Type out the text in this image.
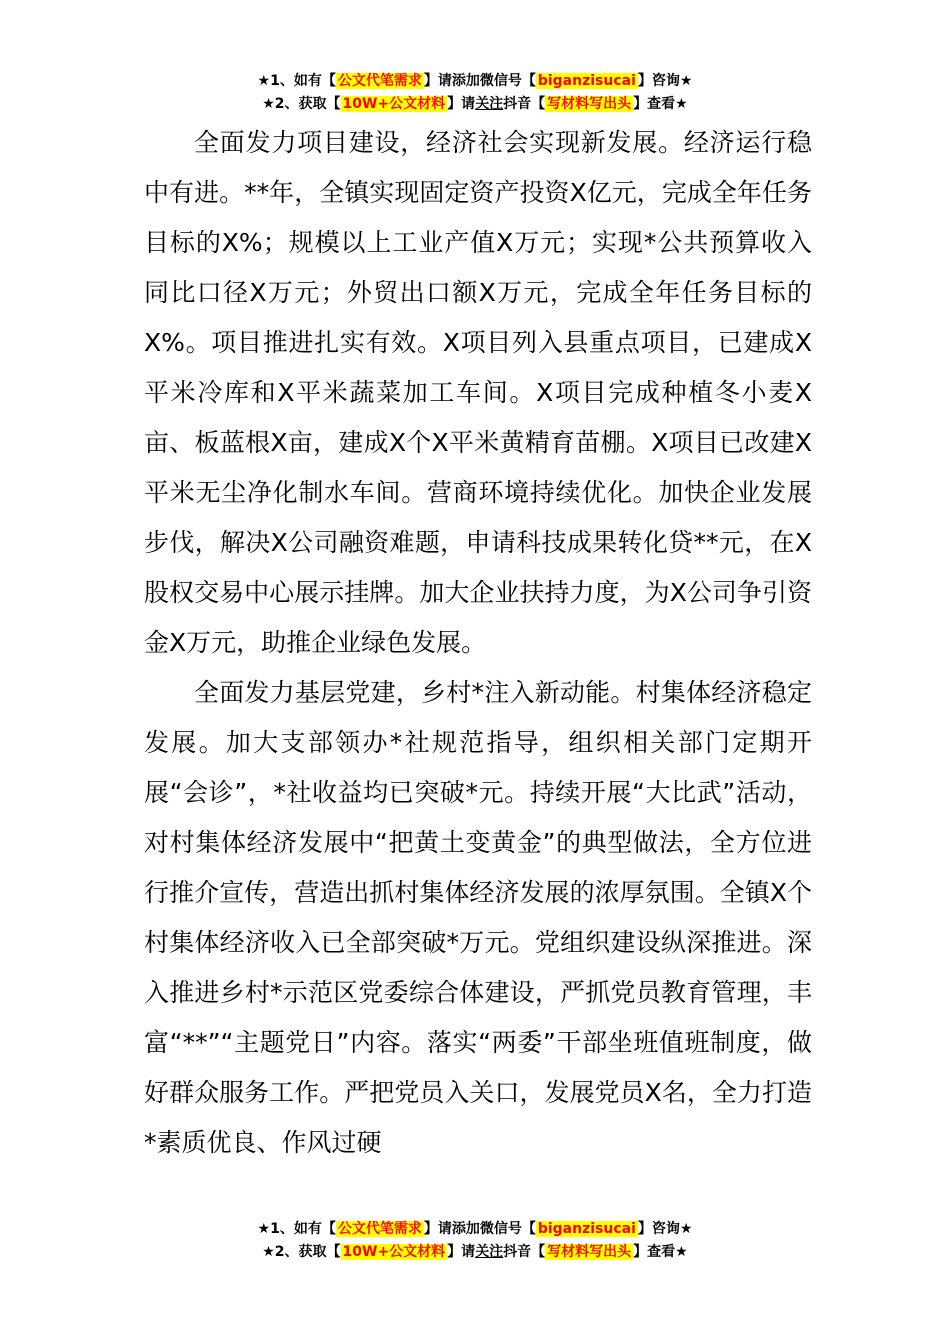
★1、如有【 公文代笔需求 】请添加微信号【 biganzisucai 】咨询★
★2、获取【 10W+公文材料 】请关注抖音【 写材料写出头 】查看★

全面发力项目建设，经济社会实现新发展。经济运行稳中有进。**年，全镇实现固定资产投资X亿元，完成全年任务目标的X%；规模以上工业产值X万元；实现*公共预算收入同比口径X万元；外贸出口额X万元，完成全年任务目标的X%。项目推进扎实有效。X项目列入县重点项目，已建成X平米冷库和X平米蔬菜加工车间。X项目完成种植冬小麦X亩、板蓝根X亩，建成X个X平米黄精育苗棚。X项目已改建X平米无尘净化制水车间。营商环境持续优化。加快企业发展步伐，解决X公司融资难题，申请科技成果转化贷**元，在X股权交易中心展示挂牌。加大企业扶持力度，为X公司争引资金X万元，助推企业绿色发展。

全面发力基层党建，乡村*注入新动能。村集体经济稳定发展。加大支部领办*社规范指导，组织相关部门定期开展“会诊”，*社收益均已突破*元。持续开展“大比武”活动，对村集体经济发展中“把黄土变黄金”的典型做法，全方位进行推介宣传，营造出抓村集体经济发展的浓厚氛围。全镇X个村集体经济收入已全部突破*万元。党组织建设纵深推进。深入推进乡村*示范区党委综合体建设，严抓党员教育管理，丰富“**”“主题党日”内容。落实“两委”干部坐班值班制度，做好群众服务工作。严把党员入关口，发展党员X名，全力打造*素质优良、作风过硬

★1、如有【 公文代笔需求 】请添加微信号【 biganzisucai 】咨询★
★2、获取【 10W+公文材料 】请关注抖音【 写材料写出头 】查看★
